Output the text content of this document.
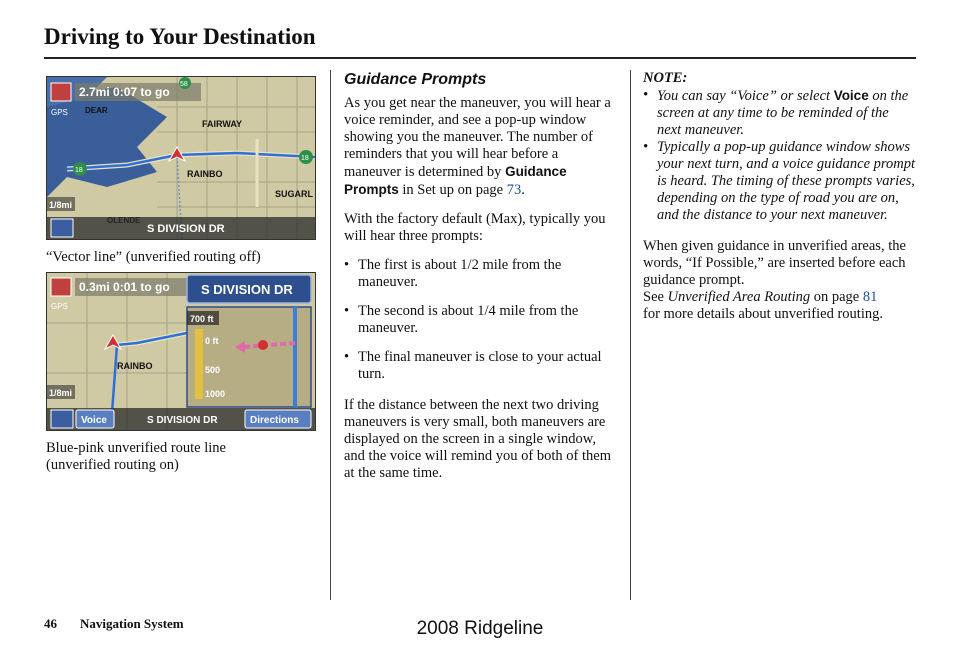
Driving to Your Destination
2.7mi 0:07 to go
GPS
FAIRWAY
RAINBO
SUGARL
DEAR
18
18
58
1/8mi
S DIVISION DR
“Vector line” (unverified routing off)
0.3mi 0:01 to go
GPS
RAINBO
S DIVISION DR
700 ft
0 ft
500
1000
1/8mi
Voice	S DIVISION DR	Directions
Blue-pink unverified route line (unverified routing on)
Guidance Prompts

As you get near the maneuver, you will hear a voice reminder, and see a pop-up window showing you the maneuver. The number of reminders that you will hear before a maneuver is determined by Guidance Prompts in Set up on page 73.

With the factory default (Max), typically you will hear three prompts:

• The first is about 1/2 mile from the maneuver.
• The second is about 1/4 mile from the maneuver.
• The final maneuver is close to your actual turn.

If the distance between the next two driving maneuvers is very small, both maneuvers are displayed on the screen in a single window, and the voice will remind you of both of them at the same time.

NOTE:
• You can say “Voice” or select Voice on the screen at any time to be reminded of the next maneuver.
• Typically a pop-up guidance window shows your next turn, and a voice guidance prompt is heard. The timing of these prompts varies, depending on the type of road you are on, and the distance to your next maneuver.

When given guidance in unverified areas, the words, “If Possible,” are inserted before each guidance prompt.
See Unverified Area Routing on page 81
for more details about unverified routing.

46 Navigation System	2008 Ridgeline
